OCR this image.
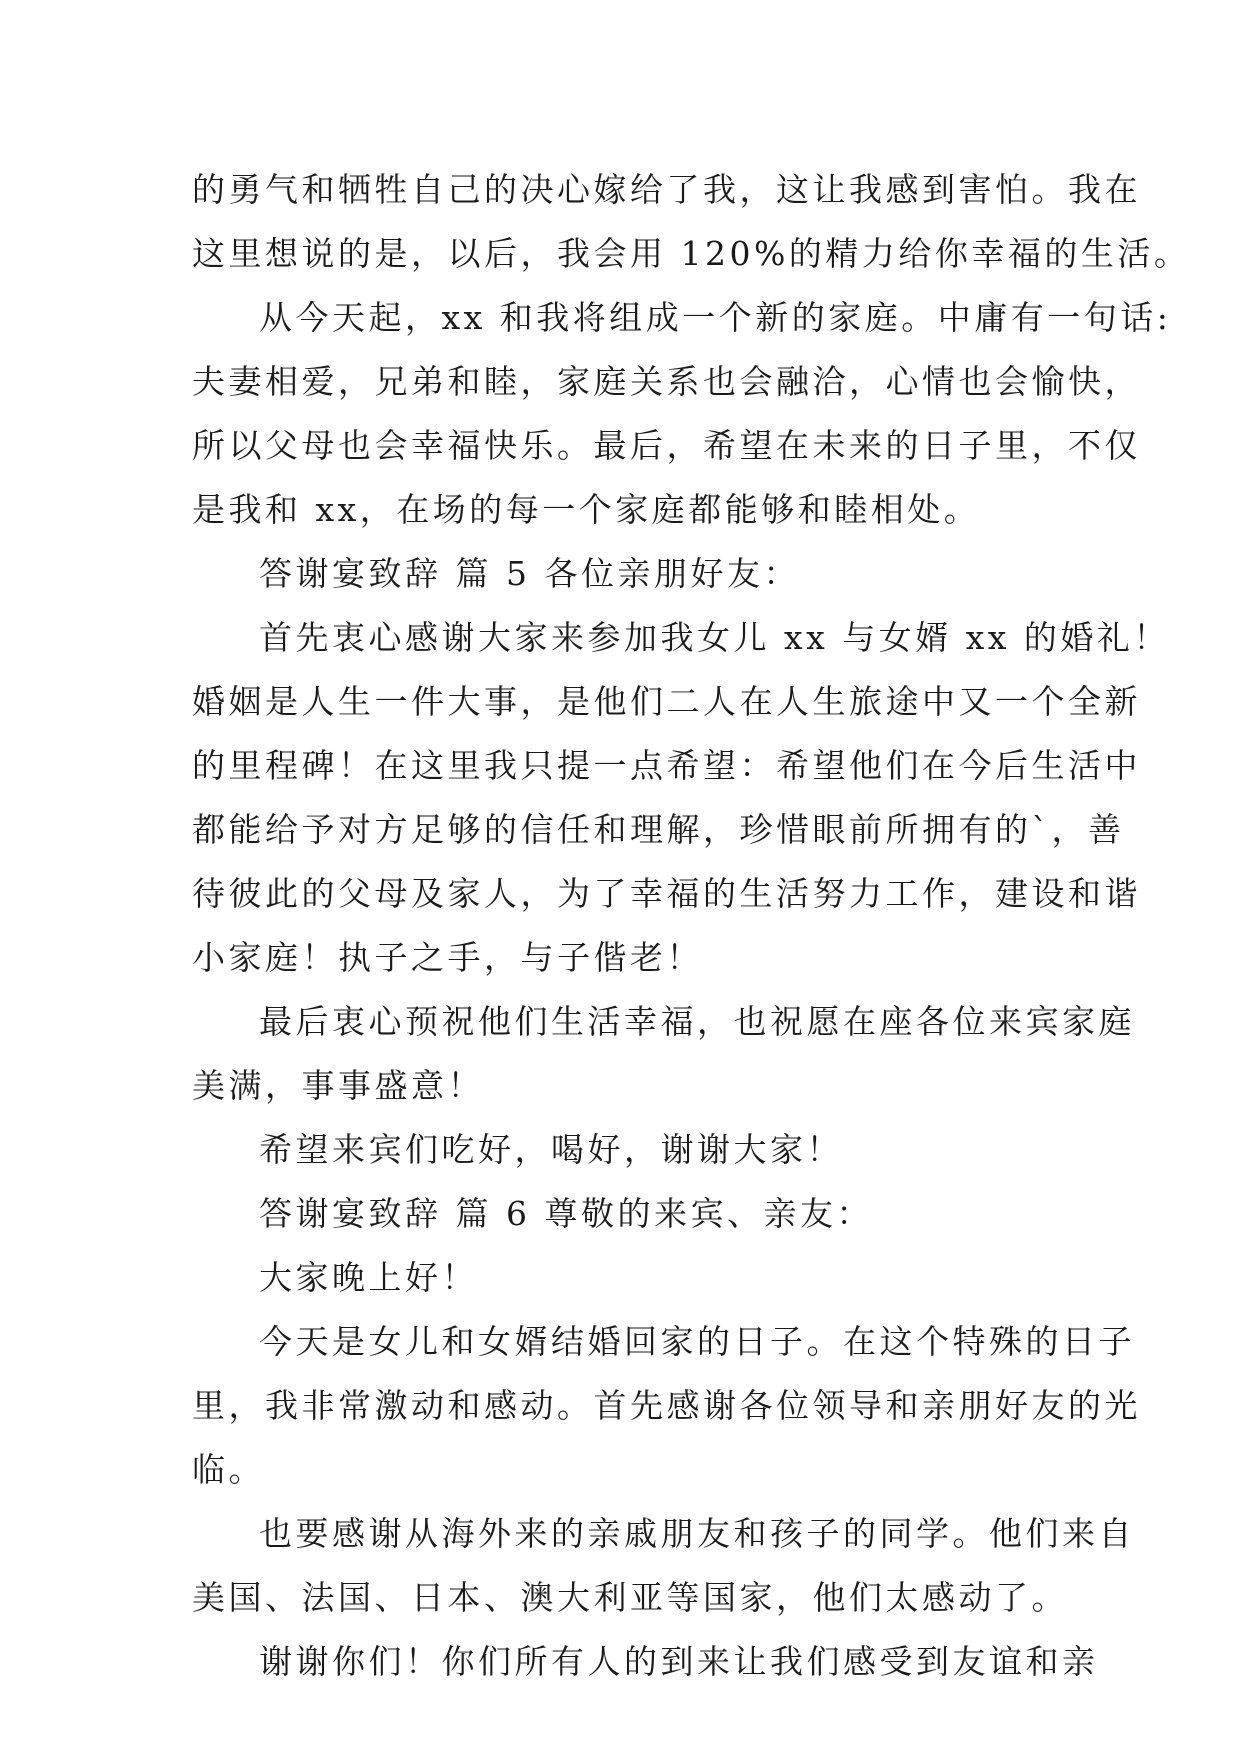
的勇气和牺牲自己的决心嫁给了我，这让我感到害怕。我在
这里想说的是，以后，我会用 120%的精力给你幸福的生活。
从今天起，xx 和我将组成一个新的家庭。中庸有一句话:
夫妻相爱，兄弟和睦，家庭关系也会融洽，心情也会愉快，
所以父母也会幸福快乐。最后，希望在未来的日子里，不仅
是我和 xx，在场的每一个家庭都能够和睦相处。
答谢宴致辞 篇 5 各位亲朋好友：
首先衷心感谢大家来参加我女儿 xx 与女婿 xx 的婚礼！
婚姻是人生一件大事，是他们二人在人生旅途中又一个全新
的里程碑！在这里我只提一点希望：希望他们在今后生活中
都能给予对方足够的信任和理解，珍惜眼前所拥有的`，善
待彼此的父母及家人，为了幸福的生活努力工作，建设和谐
小家庭！执子之手，与子偕老！
最后衷心预祝他们生活幸福，也祝愿在座各位来宾家庭
美满，事事盛意！
希望来宾们吃好，喝好，谢谢大家！
答谢宴致辞 篇 6 尊敬的来宾、亲友：
大家晚上好！
今天是女儿和女婿结婚回家的日子。在这个特殊的日子
里，我非常激动和感动。首先感谢各位领导和亲朋好友的光
临。
也要感谢从海外来的亲戚朋友和孩子的同学。他们来自
美国、法国、日本、澳大利亚等国家，他们太感动了。
谢谢你们！你们所有人的到来让我们感受到友谊和亲
